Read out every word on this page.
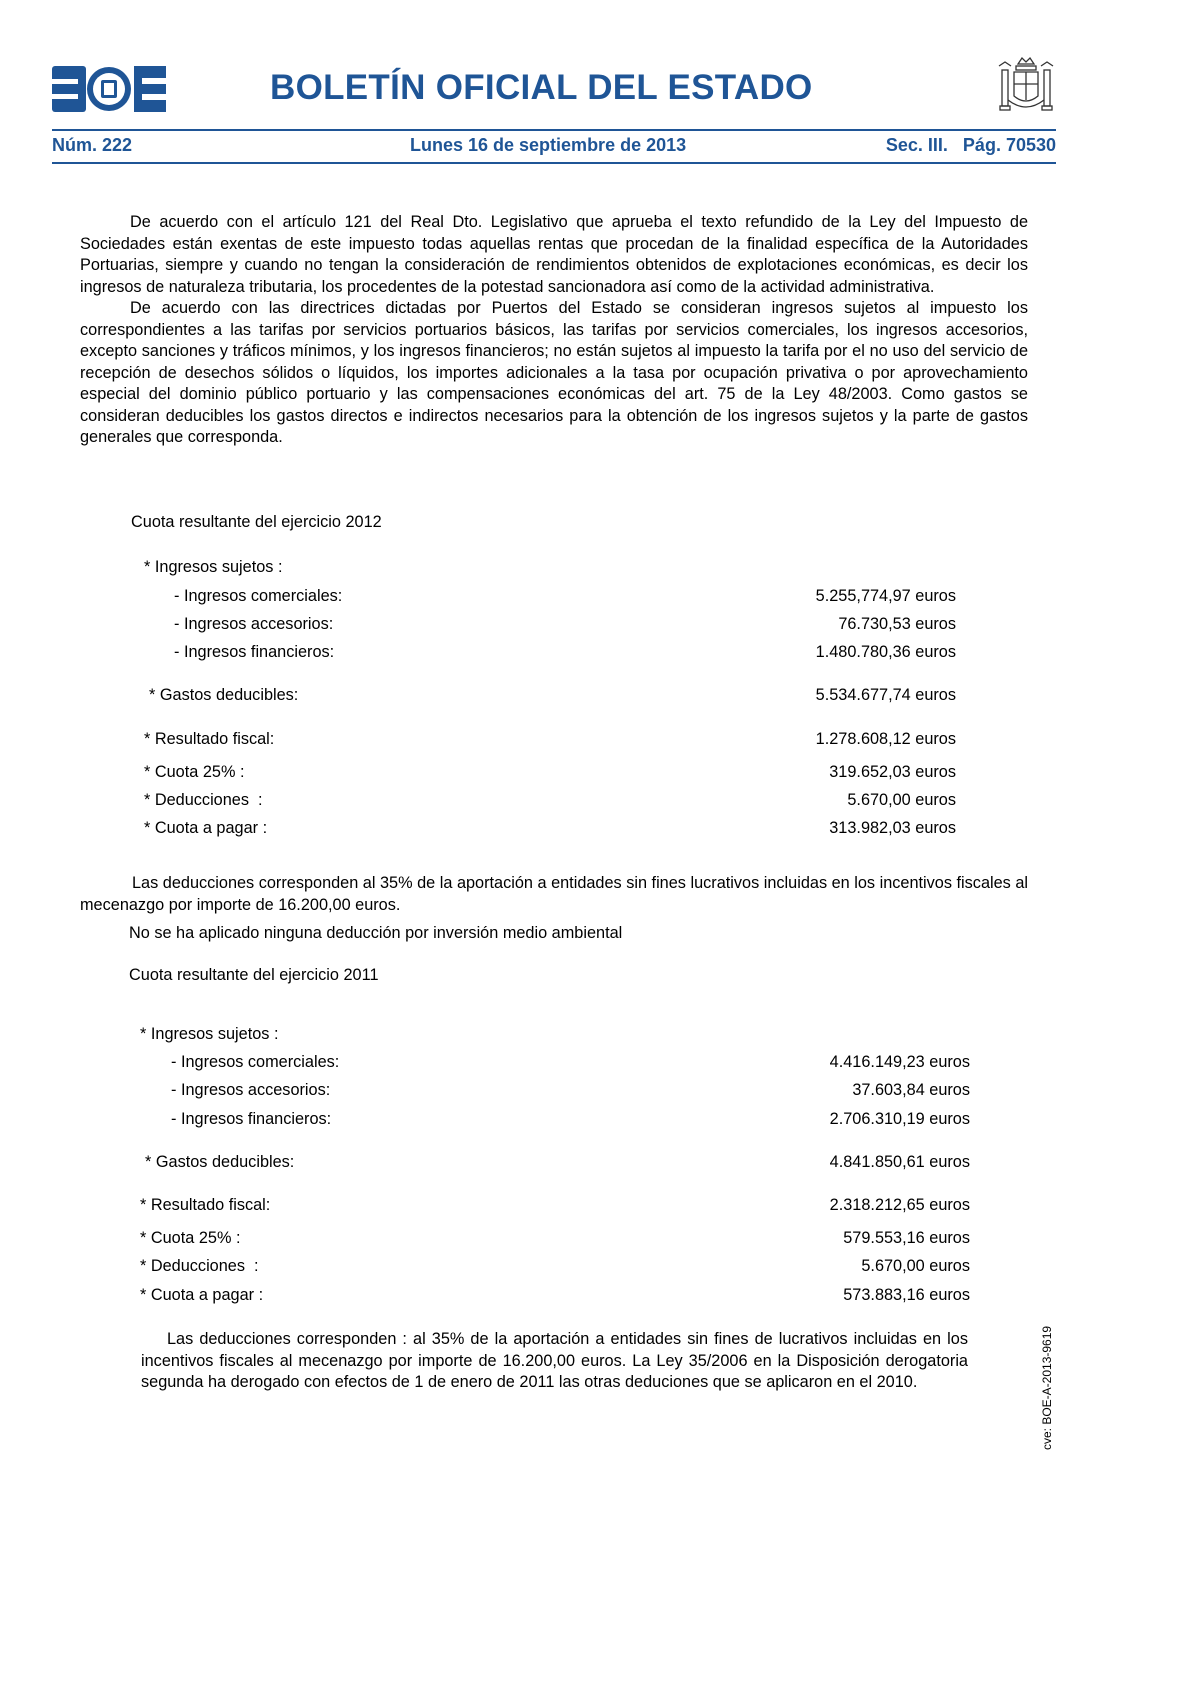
BOLETÍN OFICIAL DEL ESTADO
Núm. 222	Lunes 16 de septiembre de 2013	Sec. III.   Pág. 70530

De acuerdo con el artículo 121 del Real Dto. Legislativo que aprueba el texto refundido de la Ley del Impuesto de Sociedades están exentas de este impuesto todas aquellas rentas que procedan de la finalidad específica de la Autoridades Portuarias, siempre y cuando no tengan la consideración de rendimientos obtenidos de explotaciones económicas, es decir los ingresos de naturaleza tributaria, los procedentes de la potestad sancionadora así como de la actividad administrativa.

De acuerdo con las directrices dictadas por Puertos del Estado se consideran ingresos sujetos al impuesto los correspondientes a las tarifas por servicios portuarios básicos, las tarifas por servicios comerciales, los ingresos accesorios, excepto sanciones y tráficos mínimos, y los ingresos financieros; no están sujetos al impuesto la tarifa por el no uso del servicio de recepción de desechos sólidos o líquidos, los importes adicionales a la tasa por ocupación privativa o por aprovechamiento especial del dominio público portuario y las compensaciones económicas del art. 75 de la Ley 48/2003. Como gastos se consideran deducibles los gastos directos e indirectos necesarios para la obtención de los ingresos sujetos y la parte de gastos generales que corresponda.

Cuota resultante del ejercicio 2012
* Ingresos sujetos :
- Ingresos comerciales:	5.255,774,97 euros
- Ingresos accesorios:	76.730,53 euros
- Ingresos financieros:	1.480.780,36 euros
* Gastos deducibles:	5.534.677,74 euros
* Resultado fiscal:	1.278.608,12 euros
* Cuota 25% :	319.652,03 euros
* Deducciones  :	5.670,00 euros
* Cuota a pagar :	313.982,03 euros

Las deducciones corresponden al 35% de la aportación a entidades sin fines lucrativos incluidas en los incentivos fiscales al mecenazgo por importe de 16.200,00 euros.

No se ha aplicado ninguna deducción por inversión medio ambiental
Cuota resultante del ejercicio 2011
* Ingresos sujetos :
- Ingresos comerciales:	4.416.149,23 euros
- Ingresos accesorios:	37.603,84 euros
- Ingresos financieros:	2.706.310,19 euros
* Gastos deducibles:	4.841.850,61 euros
* Resultado fiscal:	2.318.212,65 euros
* Cuota 25% :	579.553,16 euros
* Deducciones  :	5.670,00 euros
* Cuota a pagar :	573.883,16 euros

Las deducciones corresponden : al 35% de la aportación a entidades sin fines de lucrativos incluidas en los incentivos fiscales al mecenazgo por importe de 16.200,00 euros. La Ley 35/2006 en la Disposición derogatoria segunda ha derogado con efectos de 1 de enero de 2011 las otras deduciones que se aplicaron en el 2010.	cve: BOE-A-2013-9619
